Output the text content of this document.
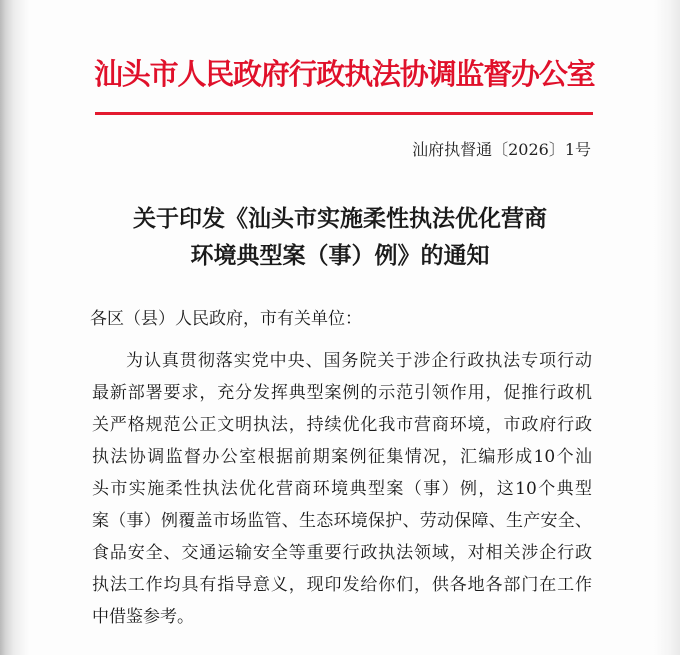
汕头市人民政府行政执法协调监督办公室
汕府执督通〔2026〕1号
关于印发《汕头市实施柔性执法优化营商
环境典型案（事）例》的通知
各区（县）人民政府，市有关单位：
为认真贯彻落实党中央、国务院关于涉企行政执法专项行动
最新部署要求，充分发挥典型案例的示范引领作用，促推行政机
关严格规范公正文明执法，持续优化我市营商环境，市政府行政
执法协调监督办公室根据前期案例征集情况，汇编形成10个汕
头市实施柔性执法优化营商环境典型案（事）例，这10个典型
案（事）例覆盖市场监管、生态环境保护、劳动保障、生产安全、
食品安全、交通运输安全等重要行政执法领域，对相关涉企行政
执法工作均具有指导意义，现印发给你们，供各地各部门在工作
中借鉴参考。
